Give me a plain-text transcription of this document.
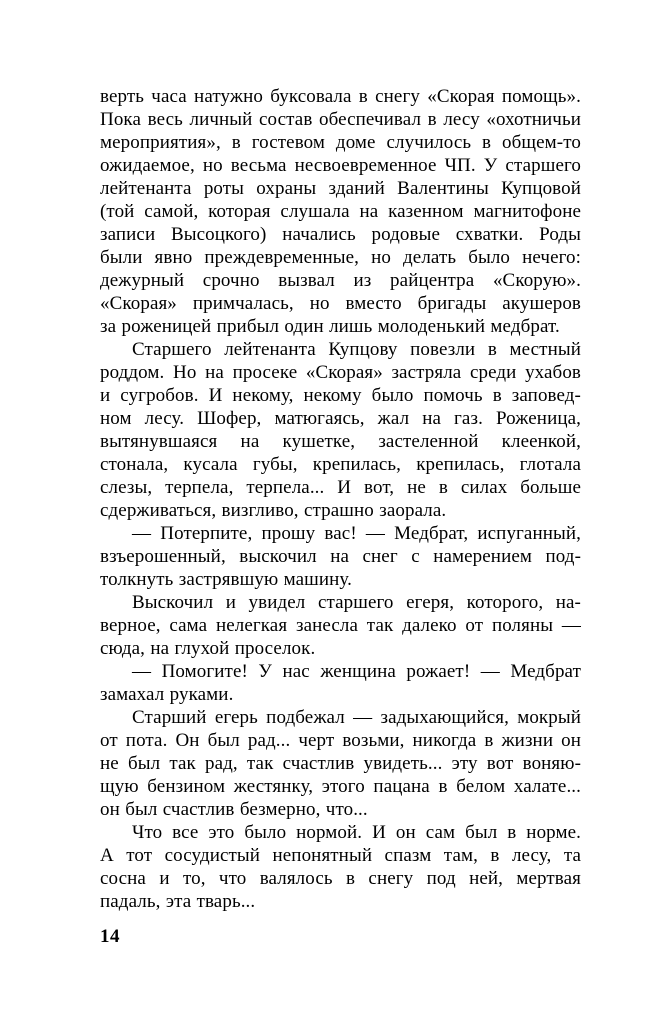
верть часа натужно буксовала в снегу «Скорая помощь».
Пока весь личный состав обеспечивал в лесу «охотничьи
мероприятия», в гостевом доме случилось в общем-то
ожидаемое, но весьма несвоевременное ЧП. У старшего
лейтенанта роты охраны зданий Валентины Купцовой
(той самой, которая слушала на казенном магнитофоне
записи Высоцкого) начались родовые схватки. Роды
были явно преждевременные, но делать было нечего:
дежурный срочно вызвал из райцентра «Скорую».
«Скорая» примчалась, но вместо бригады акушеров
за роженицей прибыл один лишь молоденький медбрат.
Старшего лейтенанта Купцову повезли в местный
роддом. Но на просеке «Скорая» застряла среди ухабов
и сугробов. И некому, некому было помочь в заповед-
ном лесу. Шофер, матюгаясь, жал на газ. Роженица,
вытянувшаяся на кушетке, застеленной клеенкой,
стонала, кусала губы, крепилась, крепилась, глотала
слезы, терпела, терпела... И вот, не в силах больше
сдерживаться, визгливо, страшно заорала.
— Потерпите, прошу вас! — Медбрат, испуганный,
взъерошенный, выскочил на снег с намерением под-
толкнуть застрявшую машину.
Выскочил и увидел старшего егеря, которого, на-
верное, сама нелегкая занесла так далеко от поляны —
сюда, на глухой проселок.
— Помогите! У нас женщина рожает! — Медбрат
замахал руками.
Старший егерь подбежал — задыхающийся, мокрый
от пота. Он был рад... черт возьми, никогда в жизни он
не был так рад, так счастлив увидеть... эту вот воняю-
щую бензином жестянку, этого пацана в белом халате...
он был счастлив безмерно, что...
Что все это было нормой. И он сам был в норме.
А тот сосудистый непонятный спазм там, в лесу, та
сосна и то, что валялось в снегу под ней, мертвая
падаль, эта тварь...
14
